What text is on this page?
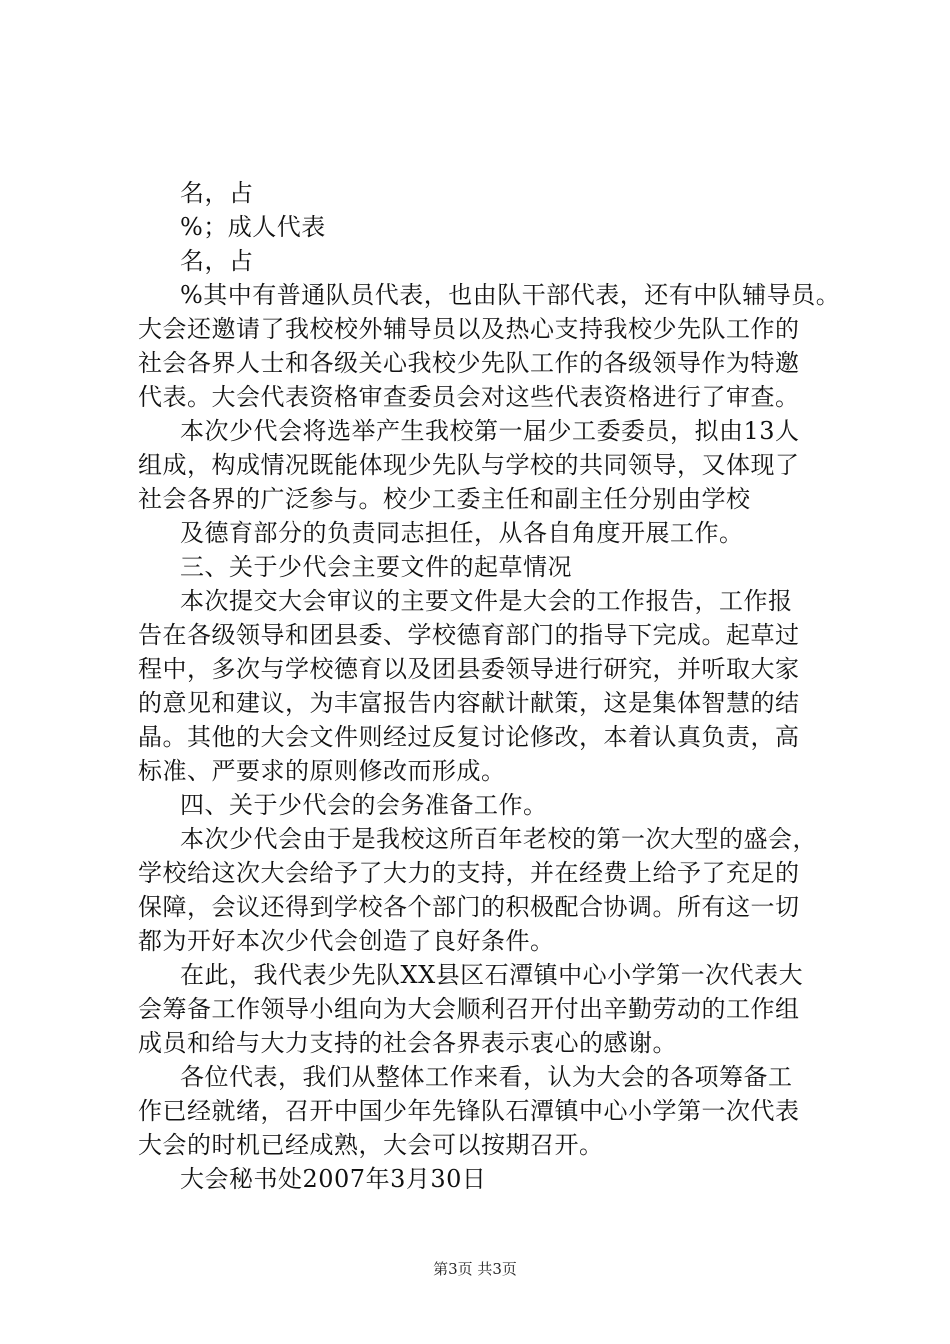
名，占
%；成人代表
名，占
%其中有普通队员代表，也由队干部代表，还有中队辅导员。
大会还邀请了我校校外辅导员以及热心支持我校少先队工作的
社会各界人士和各级关心我校少先队工作的各级领导作为特邀
代表。大会代表资格审查委员会对这些代表资格进行了审查。
本次少代会将选举产生我校第一届少工委委员，拟由13人
组成，构成情况既能体现少先队与学校的共同领导，又体现了
社会各界的广泛参与。校少工委主任和副主任分别由学校
及德育部分的负责同志担任，从各自角度开展工作。
三、关于少代会主要文件的起草情况
本次提交大会审议的主要文件是大会的工作报告，工作报
告在各级领导和团县委、学校德育部门的指导下完成。起草过
程中，多次与学校德育以及团县委领导进行研究，并听取大家
的意见和建议，为丰富报告内容献计献策，这是集体智慧的结
晶。其他的大会文件则经过反复讨论修改，本着认真负责，高
标准、严要求的原则修改而形成。
四、关于少代会的会务准备工作。
本次少代会由于是我校这所百年老校的第一次大型的盛会，
学校给这次大会给予了大力的支持，并在经费上给予了充足的
保障，会议还得到学校各个部门的积极配合协调。所有这一切
都为开好本次少代会创造了良好条件。
在此，我代表少先队XX县区石潭镇中心小学第一次代表大
会筹备工作领导小组向为大会顺利召开付出辛勤劳动的工作组
成员和给与大力支持的社会各界表示衷心的感谢。
各位代表，我们从整体工作来看，认为大会的各项筹备工
作已经就绪，召开中国少年先锋队石潭镇中心小学第一次代表
大会的时机已经成熟，大会可以按期召开。
大会秘书处2007年3月30日
第3页 共3页
